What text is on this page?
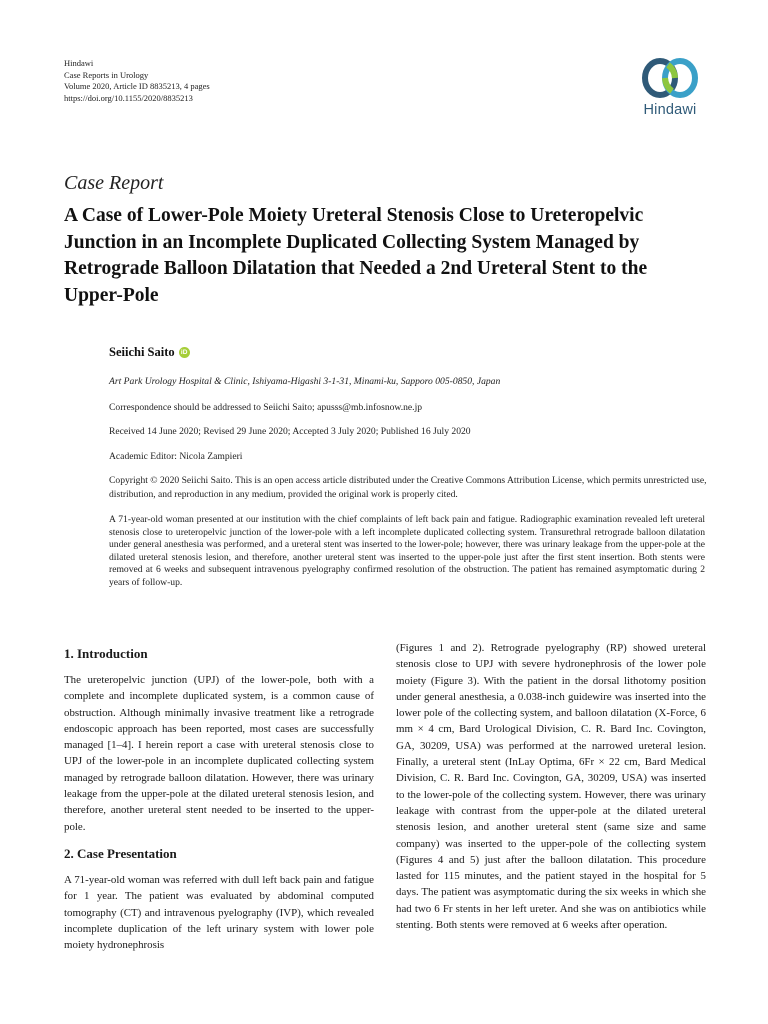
Hindawi
Case Reports in Urology
Volume 2020, Article ID 8835213, 4 pages
https://doi.org/10.1155/2020/8835213
Hindawi
Case Report
A Case of Lower-Pole Moiety Ureteral Stenosis Close to Ureteropelvic Junction in an Incomplete Duplicated Collecting System Managed by Retrograde Balloon Dilatation that Needed a 2nd Ureteral Stent to the Upper-Pole
Seiichi Saito iD
Art Park Urology Hospital & Clinic, Ishiyama-Higashi 3-1-31, Minami-ku, Sapporo 005-0850, Japan
Correspondence should be addressed to Seiichi Saito; apusss@mb.infosnow.ne.jp
Received 14 June 2020; Revised 29 June 2020; Accepted 3 July 2020; Published 16 July 2020
Academic Editor: Nicola Zampieri
Copyright © 2020 Seiichi Saito. This is an open access article distributed under the Creative Commons Attribution License, which permits unrestricted use, distribution, and reproduction in any medium, provided the original work is properly cited.

A 71-year-old woman presented at our institution with the chief complaints of left back pain and fatigue. Radiographic examination revealed left ureteral stenosis close to ureteropelvic junction of the lower-pole with a left incomplete duplicated collecting system. Transurethral retrograde balloon dilatation under general anesthesia was performed, and a ureteral stent was inserted to the lower-pole; however, there was urinary leakage from the upper-pole at the dilated ureteral stenosis lesion, and therefore, another ureteral stent was inserted to the upper-pole just after the first stent insertion. Both stents were removed at 6 weeks and subsequent intravenous pyelography confirmed resolution of the obstruction. The patient has remained asymptomatic during 2 years of follow-up.

1. Introduction

The ureteropelvic junction (UPJ) of the lower-pole, both with a complete and incomplete duplicated system, is a common cause of obstruction. Although minimally invasive treatment like a retrograde endoscopic approach has been reported, most cases are successfully managed [1–4]. I herein report a case with ureteral stenosis close to UPJ of the lower-pole in an incomplete duplicated collecting system managed by retrograde balloon dilatation. However, there was urinary leakage from the upper-pole at the dilated ureteral stenosis lesion, and therefore, another ureteral stent needed to be inserted to the upper-pole.

2. Case Presentation

A 71-year-old woman was referred with dull left back pain and fatigue for 1 year. The patient was evaluated by abdominal computed tomography (CT) and intravenous pyelography (IVP), which revealed incomplete duplication of the left urinary system with lower pole moiety hydronephrosis

(Figures 1 and 2). Retrograde pyelography (RP) showed ureteral stenosis close to UPJ with severe hydronephrosis of the lower pole moiety (Figure 3). With the patient in the dorsal lithotomy position under general anesthesia, a 0.038-inch guidewire was inserted into the lower pole of the collecting system, and balloon dilatation (X-Force, 6 mm × 4 cm, Bard Urological Division, C. R. Bard Inc. Covington, GA, 30209, USA) was performed at the narrowed ureteral lesion. Finally, a ureteral stent (InLay Optima, 6Fr × 22 cm, Bard Medical Division, C. R. Bard Inc. Covington, GA, 30209, USA) was inserted to the lower-pole of the collecting system. However, there was urinary leakage with contrast from the upper-pole at the dilated ureteral stenosis lesion, and another ureteral stent (same size and same company) was inserted to the upper-pole of the collecting system (Figures 4 and 5) just after the balloon dilatation. This procedure lasted for 115 minutes, and the patient stayed in the hospital for 5 days. The patient was asymptomatic during the six weeks in which she had two 6 Fr stents in her left ureter. And she was on antibiotics while stenting. Both stents were removed at 6 weeks after operation.
